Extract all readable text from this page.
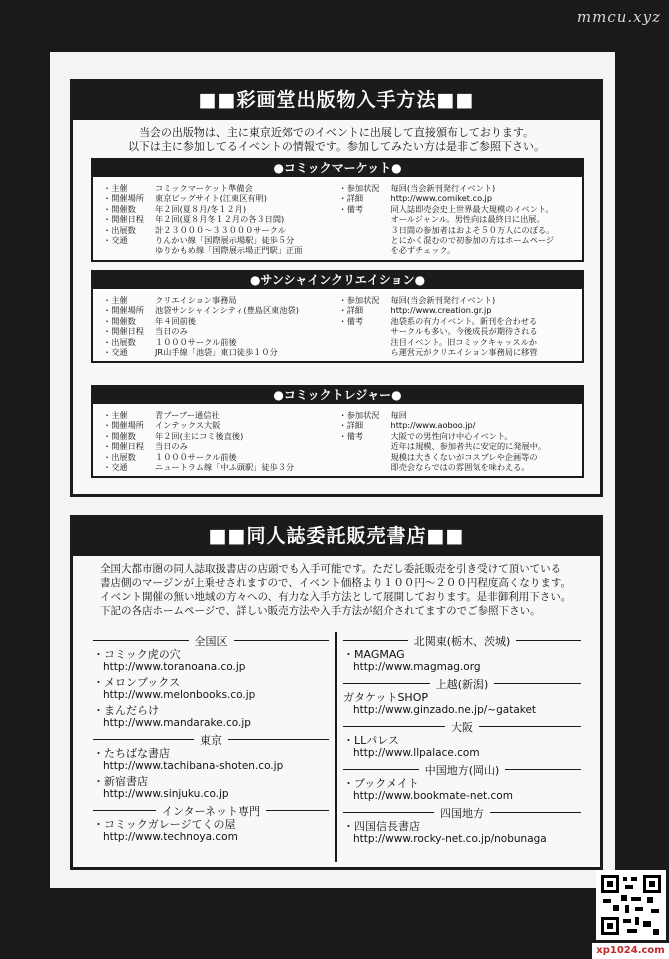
mmcu.xyz
■■彩画堂出版物入手方法■■

当会の出版物は、主に東京近郊でのイベントに出展して直接頒布しております。

以下は主に参加してるイベントの情報です。参加してみたい方は是非ご参照下さい。

●コミックマーケット●
・主催	コミックマーケット準備会
・開催場所	東京ビッグサイト(江東区有明)
・開催数	年２回(夏８月/冬１２月)
・開催日程	年２回(夏８月冬１２月の各３日間)
・出展数	計２３０００〜３３０００サークル
・交通	りんかい線「国際展示場駅」徒歩５分
ゆりかもめ線「国際展示場正門駅」正面
・参加状況	毎回(当会新刊発行イベント)
・詳細	http://www.comiket.co.jp
・備考	同人誌即売会史上世界最大規模のイベント。
オールジャンル。男性向は最終日に出展。
３日間の参加者はおよそ５０万人にのぼる。
とにかく混むので初参加の方はホームページ
を必ずチェック。
●サンシャインクリエイション●
・主催	クリエイション事務局
・開催場所	池袋サンシャインシティ(豊島区東池袋)
・開催数	年４回前後
・開催日程	当日のみ
・出展数	１０００サークル前後
・交通	JR山手線「池袋」東口徒歩１０分
・参加状況	毎回(当会新刊発行イベント)
・詳細	http://www.creation.gr.jp
・備考	池袋系の有力イベント。新刊を合わせる
サークルも多い。今後成長が期待される
注目イベント。旧コミックキャッスルか
ら運営元がクリエイション事務局に移管
●コミックトレジャー●
・主催	青ブーブー通信社
・開催場所	インテックス大阪
・開催数	年２回(主にコミ後直後)
・開催日程	当日のみ
・出展数	１０００サークル前後
・交通	ニュートラム線「中ふ頭駅」徒歩３分
・参加状況	毎回
・詳細	http://www.aoboo.jp/
・備考	大阪での男性向け中心イベント。
近年は規模、参加者共に安定的に発展中。
規模は大きくないがコスプレや企画等の
即売会ならではの雰囲気を味わえる。
■■同人誌委託販売書店■■

全国大都市圏の同人誌取扱書店の店頭でも入手可能です。ただし委託販売を引き受けて頂いている

書店側のマージンが上乗せされますので、イベント価格より１００円〜２００円程度高くなります。

イベント開催の無い地域の方々への、有力な入手方法として展開しております。是非御利用下さい。

下記の各店ホームページで、詳しい販売方法や入手方法が紹介されてますのでご参照下さい。

全国区
・コミック虎の穴
http://www.toranoana.co.jp
・メロンブックス
http://www.melonbooks.co.jp
・まんだらけ
http://www.mandarake.co.jp
東京
・たちばな書店
http://www.tachibana-shoten.co.jp
・新宿書店
http://www.sinjuku.co.jp
インターネット専門
・コミックガレージてくの屋
http://www.technoya.com
北関東(栃木、茨城)
・MAGMAG
http://www.magmag.org
上越(新潟)
ガタケットSHOP
http://www.ginzado.ne.jp/~gataket
大阪
・LLパレス
http://www.llpalace.com
中国地方(岡山)
・ブックメイト
http://www.bookmate-net.com
四国地方
・四国信長書店
http://www.rocky-net.co.jp/nobunaga
xp1024.com
